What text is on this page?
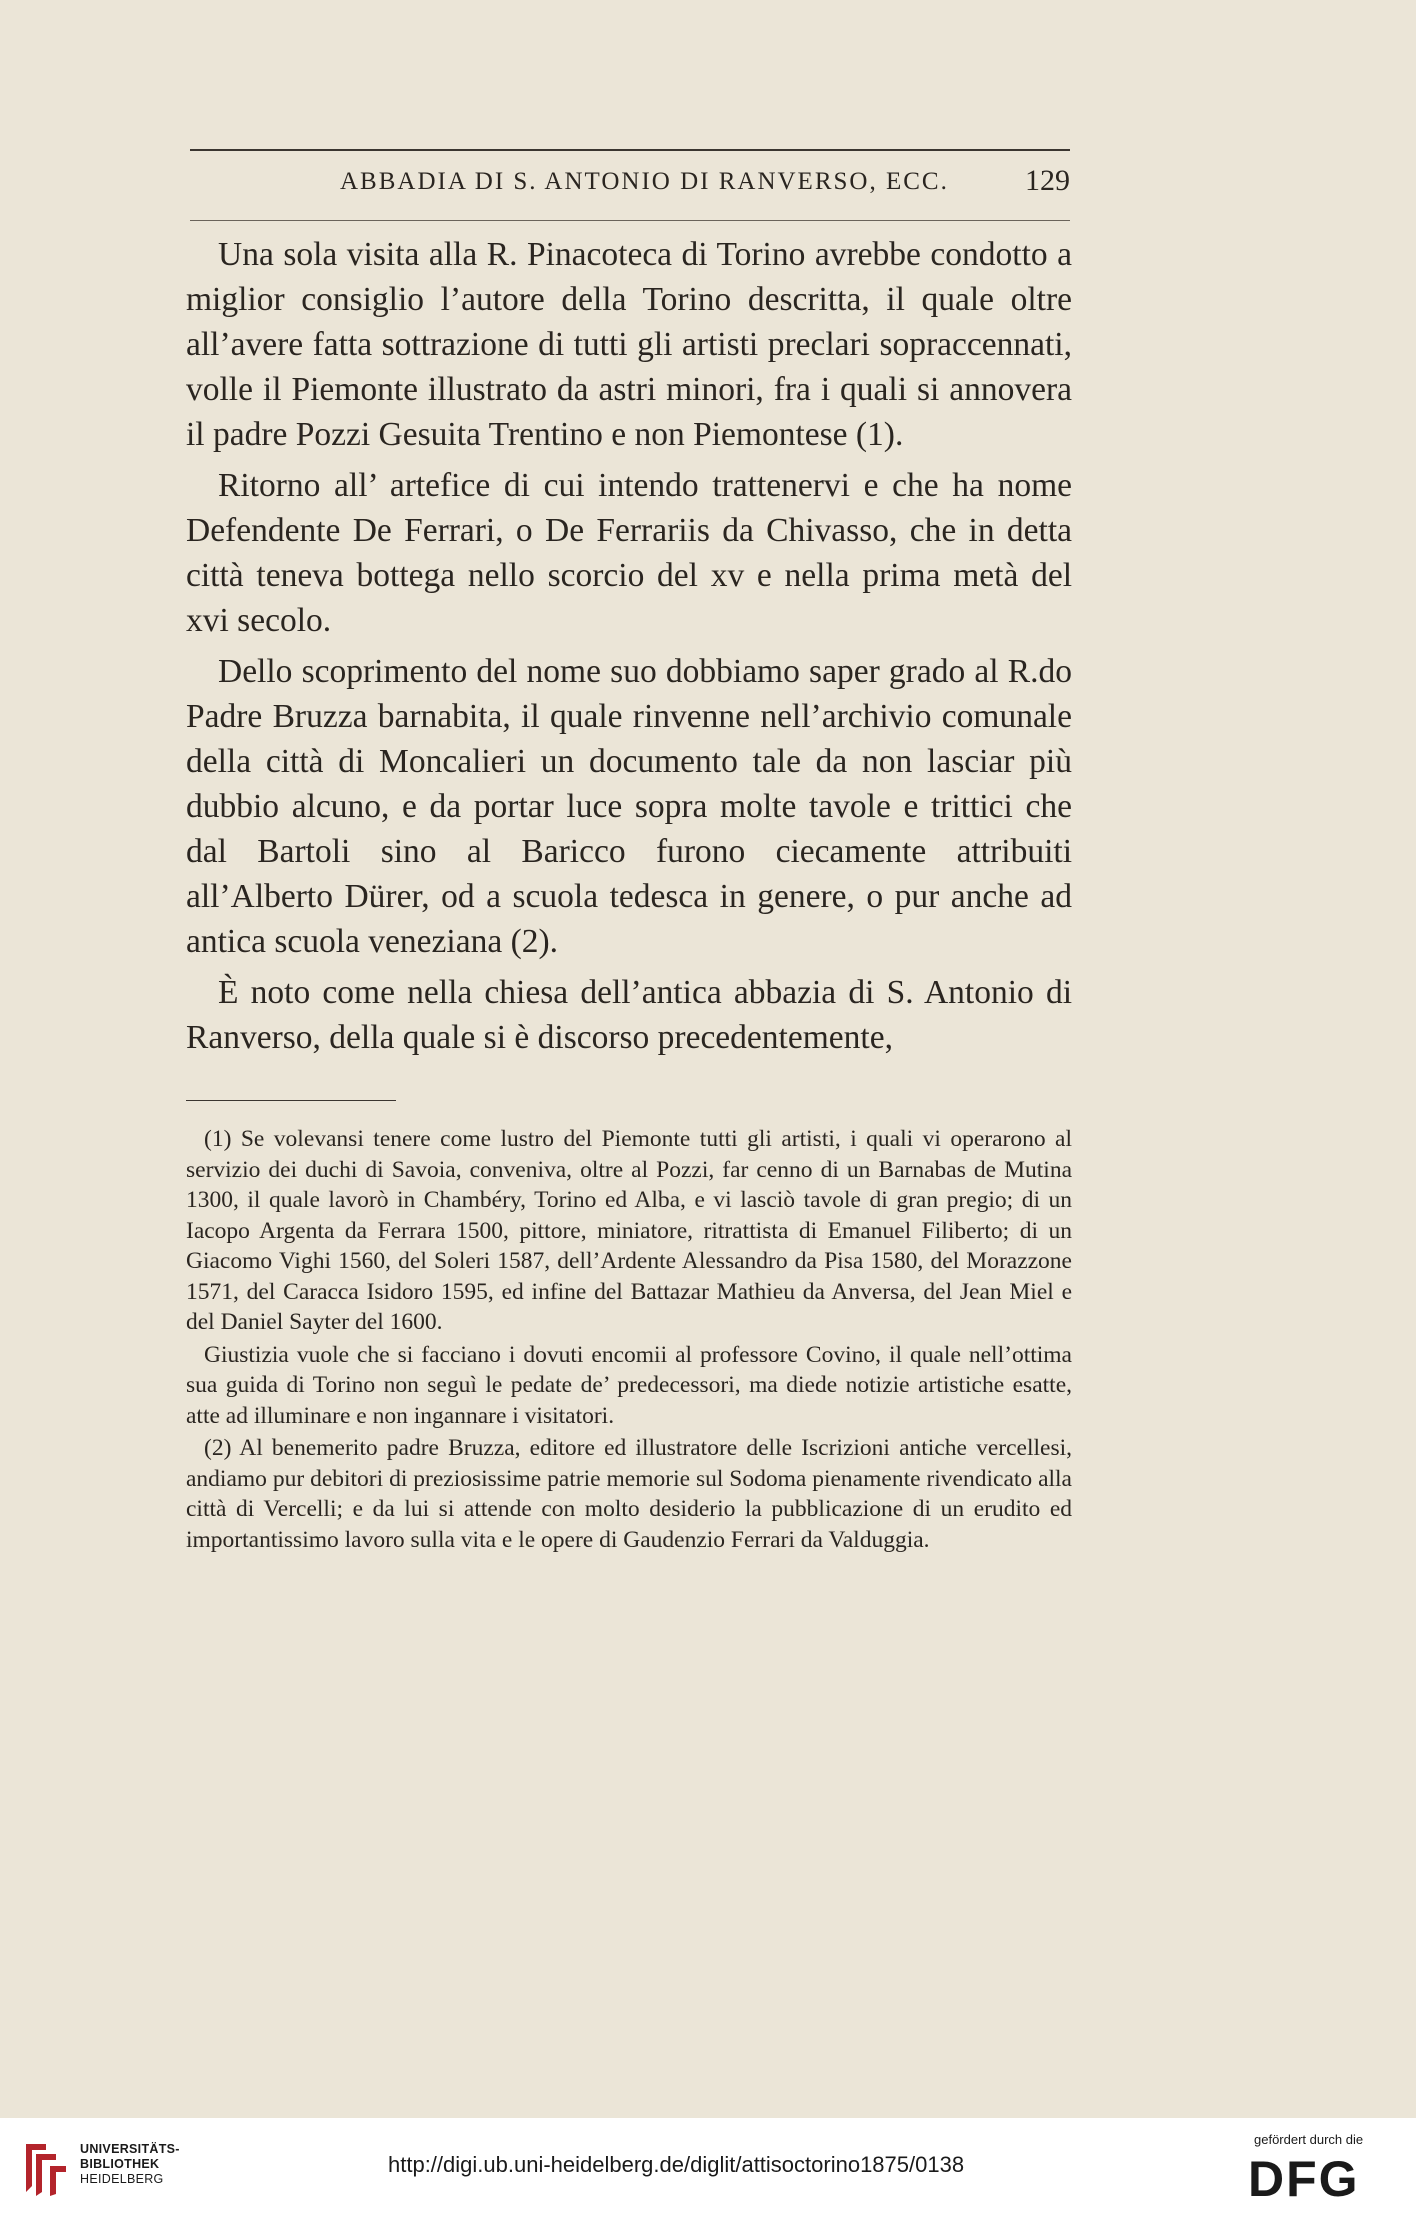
ABBADIA DI S. ANTONIO DI RANVERSO, ECC.	129

Una sola visita alla R. Pinacoteca di Torino avrebbe condotto a miglior consiglio l’autore della Torino descritta, il quale oltre all’avere fatta sottrazione di tutti gli artisti preclari sopraccennati, volle il Piemonte illustrato da astri minori, fra i quali si annovera il padre Pozzi Gesuita Trentino e non Piemontese (1).

Ritorno all’ artefice di cui intendo trattenervi e che ha nome Defendente De Ferrari, o De Ferrariis da Chivasso, che in detta città teneva bottega nello scorcio del xv e nella prima metà del xvi secolo.

Dello scoprimento del nome suo dobbiamo saper grado al R.do Padre Bruzza barnabita, il quale rinvenne nell’archivio comunale della città di Moncalieri un documento tale da non lasciar più dubbio alcuno, e da portar luce sopra molte tavole e trittici che dal Bartoli sino al Baricco furono ciecamente attribuiti all’Alberto Dürer, od a scuola tedesca in genere, o pur anche ad antica scuola veneziana (2).

È noto come nella chiesa dell’antica abbazia di S. Antonio di Ranverso, della quale si è discorso precedentemente,

(1) Se volevansi tenere come lustro del Piemonte tutti gli artisti, i quali vi operarono al servizio dei duchi di Savoia, conveniva, oltre al Pozzi, far cenno di un Barnabas de Mutina 1300, il quale lavorò in Chambéry, Torino ed Alba, e vi lasciò tavole di gran pregio; di un Iacopo Argenta da Ferrara 1500, pittore, miniatore, ritrattista di Emanuel Filiberto; di un Giacomo Vighi 1560, del Soleri 1587, dell’Ardente Alessandro da Pisa 1580, del Morazzone 1571, del Caracca Isidoro 1595, ed infine del Battazar Mathieu da Anversa, del Jean Miel e del Daniel Sayter del 1600.

Giustizia vuole che si facciano i dovuti encomii al professore Covino, il quale nell’ottima sua guida di Torino non seguì le pedate de’ predecessori, ma diede notizie artistiche esatte, atte ad illuminare e non ingannare i visitatori.

(2) Al benemerito padre Bruzza, editore ed illustratore delle Iscrizioni antiche vercellesi, andiamo pur debitori di preziosissime patrie memorie sul Sodoma pienamente rivendicato alla città di Vercelli; e da lui si attende con molto desiderio la pubblicazione di un erudito ed importantissimo lavoro sulla vita e le opere di Gaudenzio Ferrari da Valduggia.

UNIVERSITÄTS-
BIBLIOTHEK
HEIDELBERG
http://digi.ub.uni-heidelberg.de/diglit/attisoctorino1875/0138
gefördert durch die
DFG
